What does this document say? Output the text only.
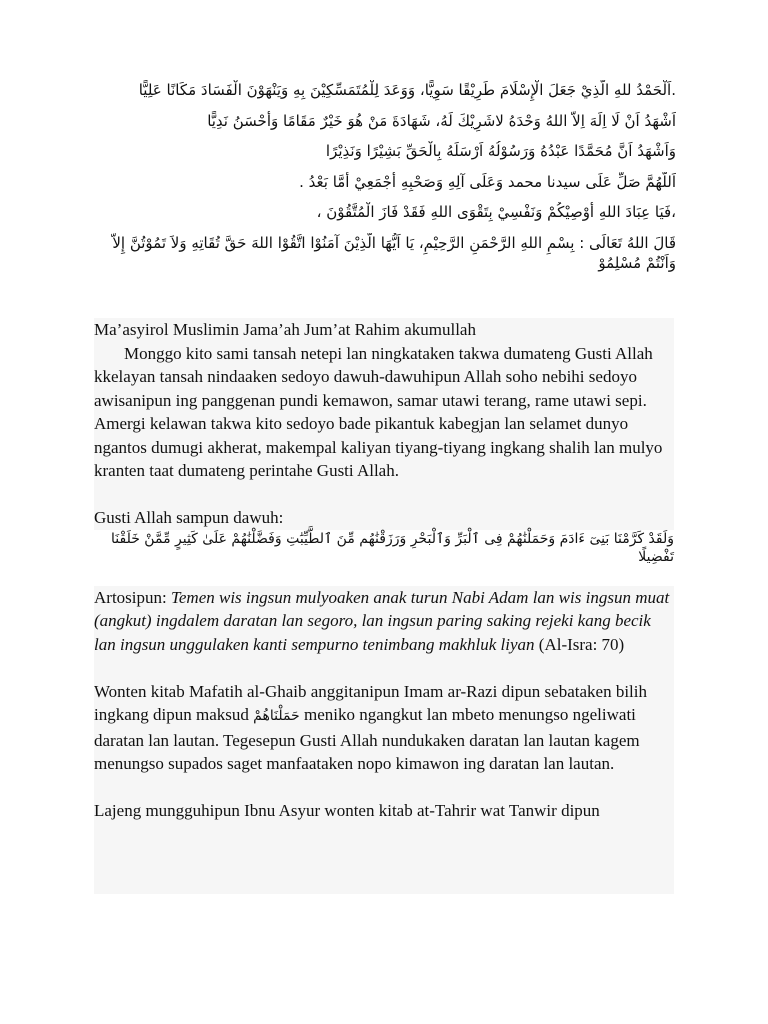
.اَلْحَمْدُ للهِ الَّذِيْ جَعَلَ الْإِسْلَامَ طَرِيْقًا سَوِيًّا، وَوَعَدَ لِلْمُتَمَسِّكِيْنَ بِهِ وَيَنْهَوْنَ الْفَسَادَ مَكَانًا عَلِيًّا

اَشْهَدُ اَنْ لَا اِلَهَ اِلاَّ اللهُ وَحْدَهُ لاشَرِيْكَ لَهُ، شَهَادَةَ مَنْ هُوَ خَيْرٌ مَقَامًا وَأَحْسَنُ نَدِيًّا

وَاَشْهَدُ اَنَّ مُحَمَّدًا عَبْدُهُ وَرَسُوْلُهُ اَرْسَلَهُ بِالْحَقِّ بَشِيْرًا وَنَذِيْرًا

اَللَّهُمَّ صَلِّ عَلَى سيدنا محمد وَعَلَى آلِهِ وَصَحْبِهِ أَجْمَعِيْ أَمَّا بَعْدُ .

،فَيَا عِبَادَ اللهِ أُوْصِيْكُمْ وَنَفْسِيْ بِتَقْوَى اللهِ فَقَدْ فَازَ الْمُتَّقُوْنَ ،

قَالَ اللهُ تَعَالَى : بِسْمِ اللهِ الرَّحْمَنِ الرَّحِيْمِ، يَا اَيُّهَا الَّذِيْنَ آمَنُوْا اتَّقُوْا اللهَ حَقَّ تُقَاتِهِ وَلاَ تَمُوْتُنَّ إِلاَّ وَاَنْتُمْ مُسْلِمُوْ

Ma’asyirol Muslimin Jama’ah Jum’at Rahim akumullah

Monggo kito sami tansah netepi lan ningkataken takwa dumateng Gusti Allah kkelayan tansah nindaaken sedoyo dawuh-dawuhipun Allah soho nebihi sedoyo awisanipun ing panggenan pundi kemawon, samar utawi terang, rame utawi sepi. Amergi kelawan takwa kito sedoyo bade pikantuk kabegjan lan selamet dunyo ngantos dumugi akherat, makempal kaliyan tiyang-tiyang ingkang shalih lan mulyo kranten taat dumateng perintahe Gusti Allah.

Gusti Allah sampun dawuh:

وَلَقَدْ كَرَّمْنَا بَنِىٓ ءَادَمَ وَحَمَلْنَٰهُمْ فِى ٱلْبَرِّ وَٱلْبَحْرِ وَرَزَقْنَٰهُم مِّنَ ٱلطَّيِّبَٰتِ وَفَضَّلْنَٰهُمْ عَلَىٰ كَثِيرٍ مِّمَّنْ خَلَقْنَا تَفْضِيلًا

Artosipun: Temen wis ingsun mulyoaken anak turun Nabi Adam lan wis ingsun muat (angkut) ingdalem daratan lan segoro, lan ingsun paring saking rejeki kang becik lan ingsun unggulaken kanti sempurno tenimbang makhluk liyan (Al-Isra: 70)

Wonten kitab Mafatih al-Ghaib anggitanipun Imam ar-Razi dipun sebataken bilih ingkang dipun maksud حَمَلْنَاهُمْ meniko ngangkut lan mbeto menungso ngeliwati daratan lan lautan. Tegesepun Gusti Allah nundukaken daratan lan lautan kagem menungso supados saget manfaataken nopo kimawon ing daratan lan lautan.

Lajeng mungguhipun Ibnu Asyur wonten kitab at-Tahrir wat Tanwir dipun
